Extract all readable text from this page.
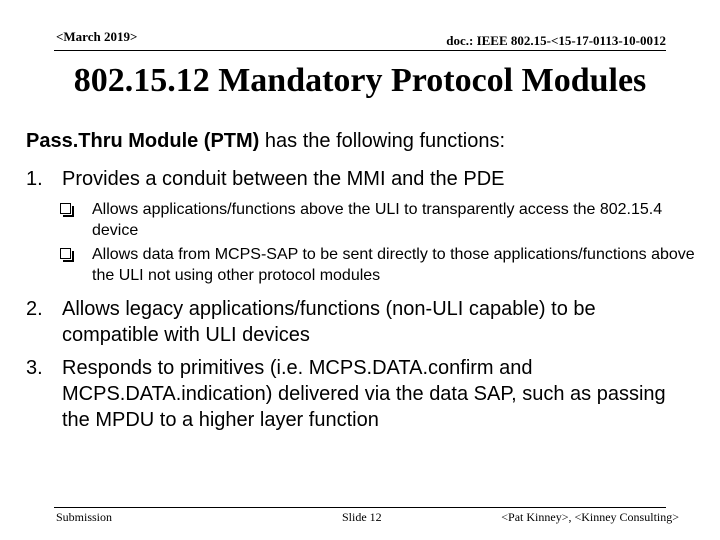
<March 2019>	doc.: IEEE 802.15-<15-17-0113-10-0012
802.15.12 Mandatory Protocol Modules
Pass.Thru Module (PTM) has the following functions:
1. Provides a conduit between the MMI and the PDE
Allows applications/functions above the ULI to transparently access the 802.15.4 device
Allows data from MCPS-SAP to be sent directly to those applications/functions above the ULI not using other protocol modules
2. Allows legacy applications/functions (non-ULI capable) to be compatible with ULI devices
3. Responds to primitives (i.e. MCPS.DATA.confirm and MCPS.DATA.indication) delivered via the data SAP, such as passing the MPDU to a higher layer function
Submission	Slide 12	<Pat Kinney>, <Kinney Consulting>
